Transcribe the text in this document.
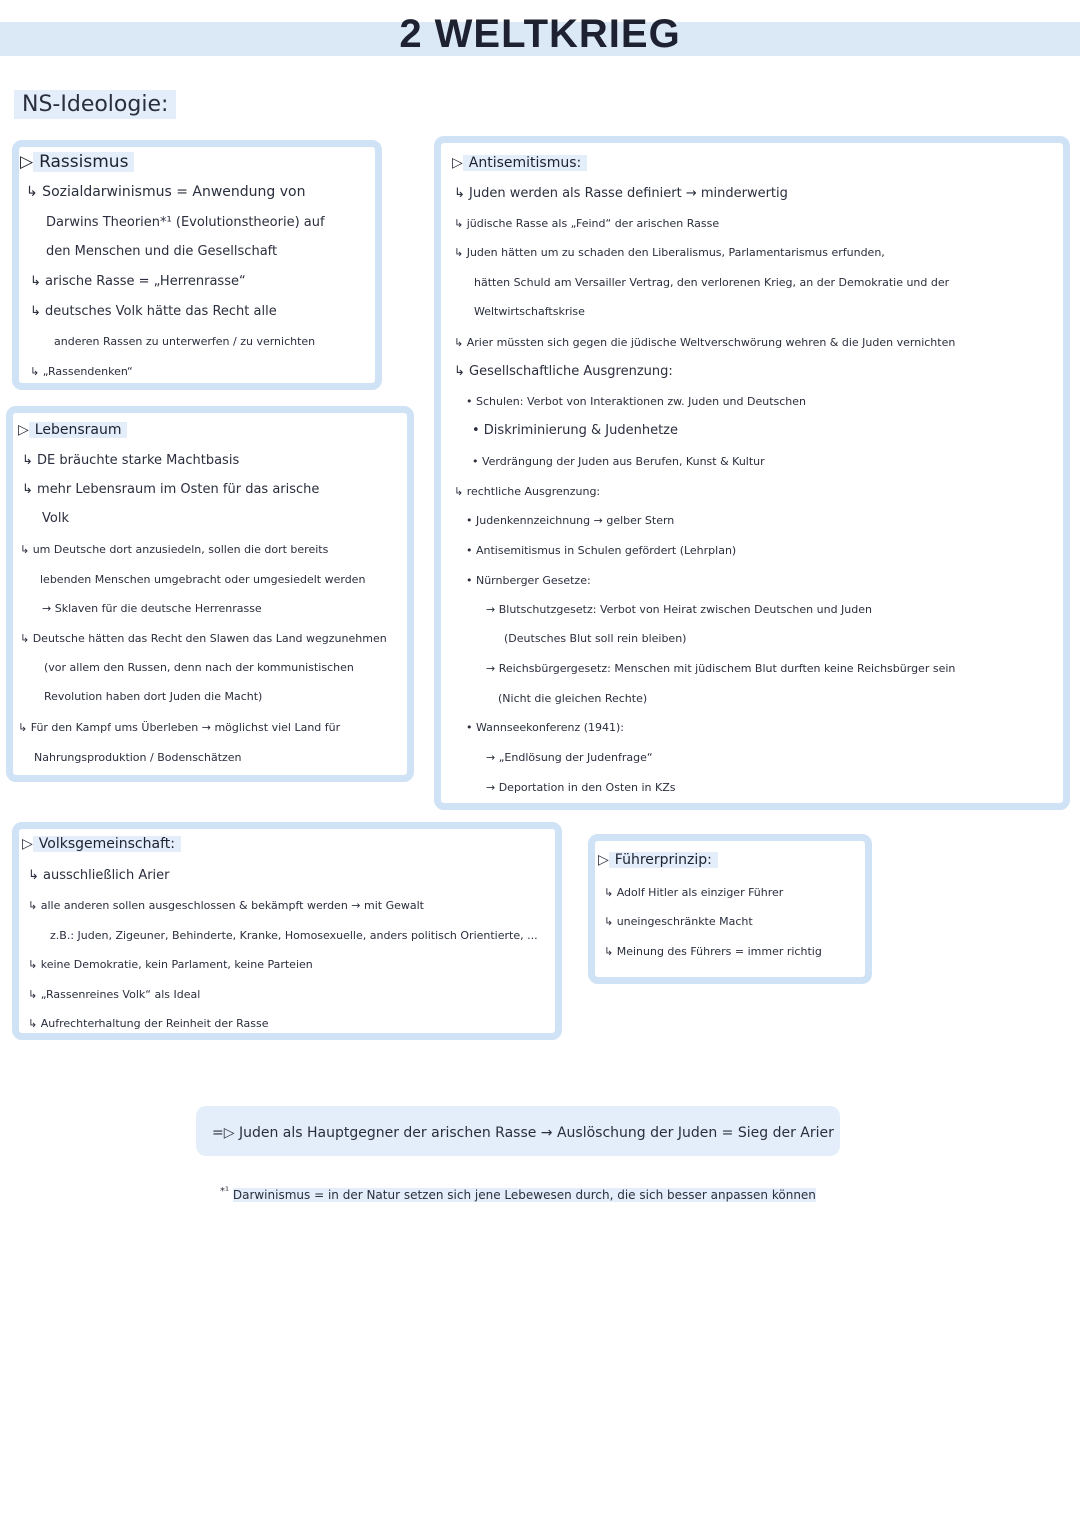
2 WELTKRIEG
NS-Ideologie:
▷ Rassismus
↳ Sozialdarwinismus = Anwendung von
Darwins Theorien*¹ (Evolutionstheorie) auf
den Menschen und die Gesellschaft
↳ arische Rasse = „Herrenrasse“
↳ deutsches Volk hätte das Recht alle
anderen Rassen zu unterwerfen / zu vernichten
↳ „Rassendenken“
▷ Lebensraum
↳ DE bräuchte starke Machtbasis
↳ mehr Lebensraum im Osten für das arische
Volk
↳ um Deutsche dort anzusiedeln, sollen die dort bereits
lebenden Menschen umgebracht oder umgesiedelt werden
→ Sklaven für die deutsche Herrenrasse
↳ Deutsche hätten das Recht den Slawen das Land wegzunehmen
(vor allem den Russen, denn nach der kommunistischen
Revolution haben dort Juden die Macht)
↳ Für den Kampf ums Überleben → möglichst viel Land für
Nahrungsproduktion / Bodenschätzen
▷ Antisemitismus:
↳ Juden werden als Rasse definiert → minderwertig
↳ jüdische Rasse als „Feind“ der arischen Rasse
↳ Juden hätten um zu schaden den Liberalismus, Parlamentarismus erfunden,
hätten Schuld am Versailler Vertrag, den verlorenen Krieg, an der Demokratie und der
Weltwirtschaftskrise
↳ Arier müssten sich gegen die jüdische Weltverschwörung wehren & die Juden vernichten
↳ Gesellschaftliche Ausgrenzung:
• Schulen: Verbot von Interaktionen zw. Juden und Deutschen
• Diskriminierung & Judenhetze
• Verdrängung der Juden aus Berufen, Kunst & Kultur
↳ rechtliche Ausgrenzung:
• Judenkennzeichnung → gelber Stern
• Antisemitismus in Schulen gefördert (Lehrplan)
• Nürnberger Gesetze:
→ Blutschutzgesetz: Verbot von Heirat zwischen Deutschen und Juden
(Deutsches Blut soll rein bleiben)
→ Reichsbürgergesetz: Menschen mit jüdischem Blut durften keine Reichsbürger sein
(Nicht die gleichen Rechte)
• Wannseekonferenz (1941):
→ „Endlösung der Judenfrage“
→ Deportation in den Osten in KZs
▷ Volksgemeinschaft:
↳ ausschließlich Arier
↳ alle anderen sollen ausgeschlossen & bekämpft werden → mit Gewalt
z.B.: Juden, Zigeuner, Behinderte, Kranke, Homosexuelle, anders politisch Orientierte, ...
↳ keine Demokratie, kein Parlament, keine Parteien
↳ „Rassenreines Volk“ als Ideal
↳ Aufrechterhaltung der Reinheit der Rasse
▷ Führerprinzip:
↳ Adolf Hitler als einziger Führer
↳ uneingeschränkte Macht
↳ Meinung des Führers = immer richtig
=▷ Juden als Hauptgegner der arischen Rasse → Auslöschung der Juden = Sieg der Arier
$^{*^1}$ Darwinismus = in der Natur setzen sich jene Lebewesen durch, die sich besser anpassen können
